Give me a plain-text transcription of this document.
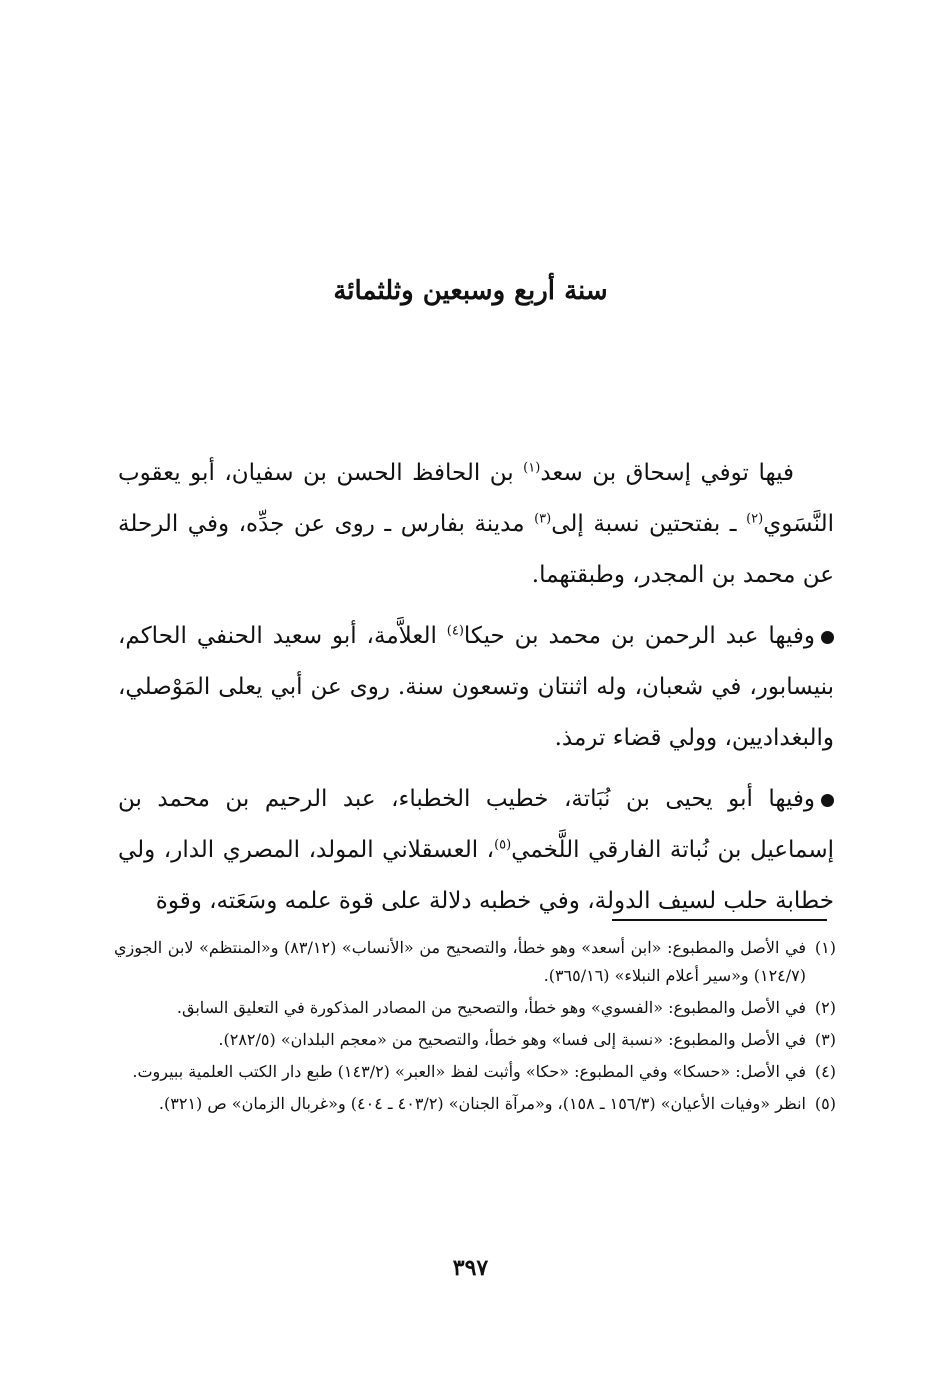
سنة أربع وسبعين وثلثمائة

فيها توفي إسحاق بن سعد$^{(١)}$ بن الحافظ الحسن بن سفيان، أبو يعقوب النَّسَوي$^{(٢)}$ ـ بفتحتين نسبة إلى$^{(٣)}$ مدينة بفارس ـ روى عن جدِّه، وفي الرحلة عن محمد بن المجدر، وطبقتهما.

وفيها عبد الرحمن بن محمد بن حيكا$^{(٤)}$ العلاَّمة، أبو سعيد الحنفي الحاكم، بنيسابور، في شعبان، وله اثنتان وتسعون سنة. روى عن أبي يعلى المَوْصلي، والبغداديين، وولي قضاء ترمذ.

وفيها أبو يحيى بن نُبَاتة، خطيب الخطباء، عبد الرحيم بن محمد بن إسماعيل بن نُباتة الفارقي اللَّخمي$^{(٥)}$، العسقلاني المولد، المصري الدار، ولي خطابة حلب لسيف الدولة، وفي خطبه دلالة على قوة علمه وسَعَته، وقوة

(١)
في الأصل والمطبوع: «ابن أسعد» وهو خطأ، والتصحيح من «الأنساب» (٨٣/١٢) و«المنتظم» لابن الجوزي (١٢٤/٧) و«سير أعلام النبلاء» (٣٦٥/١٦).
(٢)
في الأصل والمطبوع: «الفسوي» وهو خطأ، والتصحيح من المصادر المذكورة في التعليق السابق.
(٣)
في الأصل والمطبوع: «نسبة إلى فسا» وهو خطأ، والتصحيح من «معجم البلدان» (٢٨٢/٥).
(٤)
في الأصل: «حسكا» وفي المطبوع: «حكا» وأثبت لفظ «العبر» (١٤٣/٢) طبع دار الكتب العلمية ببيروت.
(٥)
انظر «وفيات الأعيان» (١٥٦/٣ ـ ١٥٨)، و«مرآة الجنان» (٤٠٣/٢ ـ ٤٠٤) و«غربال الزمان» ص (٣٢١).
٣٩٧
